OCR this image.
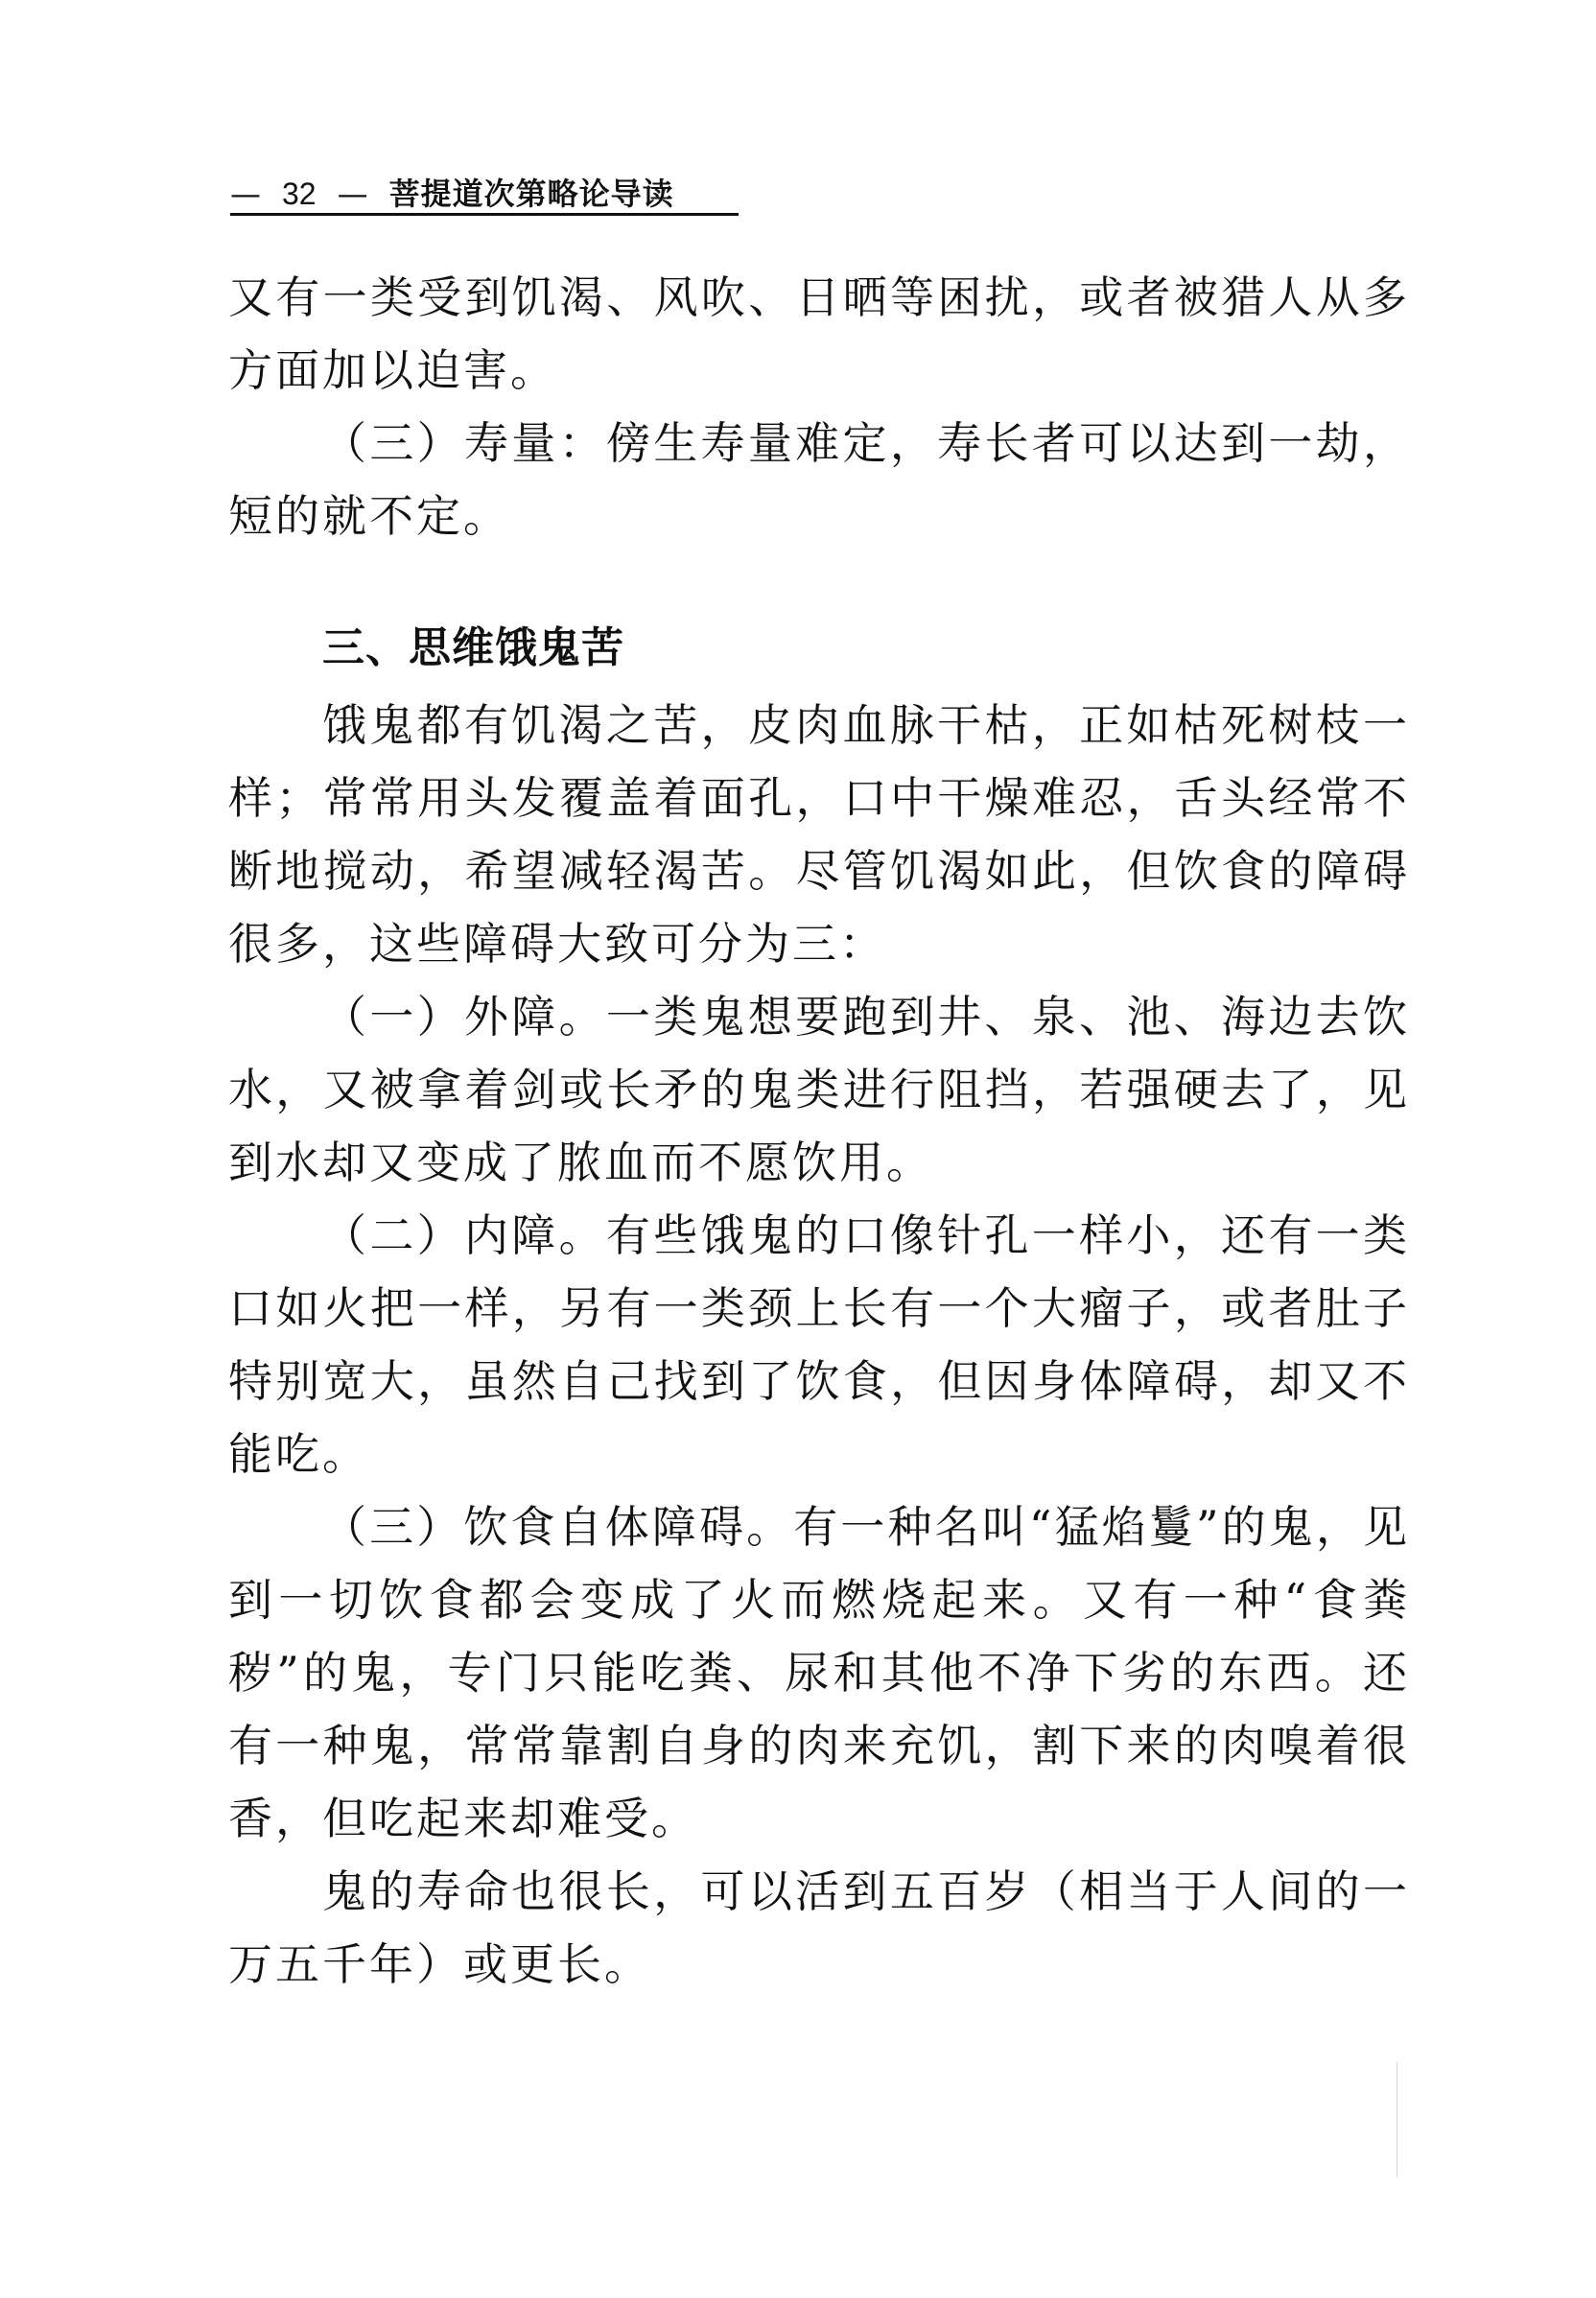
— 32 — 菩提道次第略论导读

又有一类受到饥渴、风吹、日晒等困扰，或者被猎人从多方面加以迫害。

（三）寿量：傍生寿量难定，寿长者可以达到一劫，短的就不定。

三、思维饿鬼苦

饿鬼都有饥渴之苦，皮肉血脉干枯，正如枯死树枝一样；常常用头发覆盖着面孔，口中干燥难忍，舌头经常不断地搅动，希望减轻渴苦。尽管饥渴如此，但饮食的障碍很多，这些障碍大致可分为三：

（一）外障。一类鬼想要跑到井、泉、池、海边去饮水，又被拿着剑或长矛的鬼类进行阻挡，若强硬去了，见到水却又变成了脓血而不愿饮用。

（二）内障。有些饿鬼的口像针孔一样小，还有一类口如火把一样，另有一类颈上长有一个大瘤子，或者肚子特别宽大，虽然自己找到了饮食，但因身体障碍，却又不能吃。

（三）饮食自体障碍。有一种名叫“猛焰鬘”的鬼，见到一切饮食都会变成了火而燃烧起来。又有一种“食粪秽”的鬼，专门只能吃粪、尿和其他不净下劣的东西。还有一种鬼，常常靠割自身的肉来充饥，割下来的肉嗅着很香，但吃起来却难受。

鬼的寿命也很长，可以活到五百岁（相当于人间的一万五千年）或更长。
